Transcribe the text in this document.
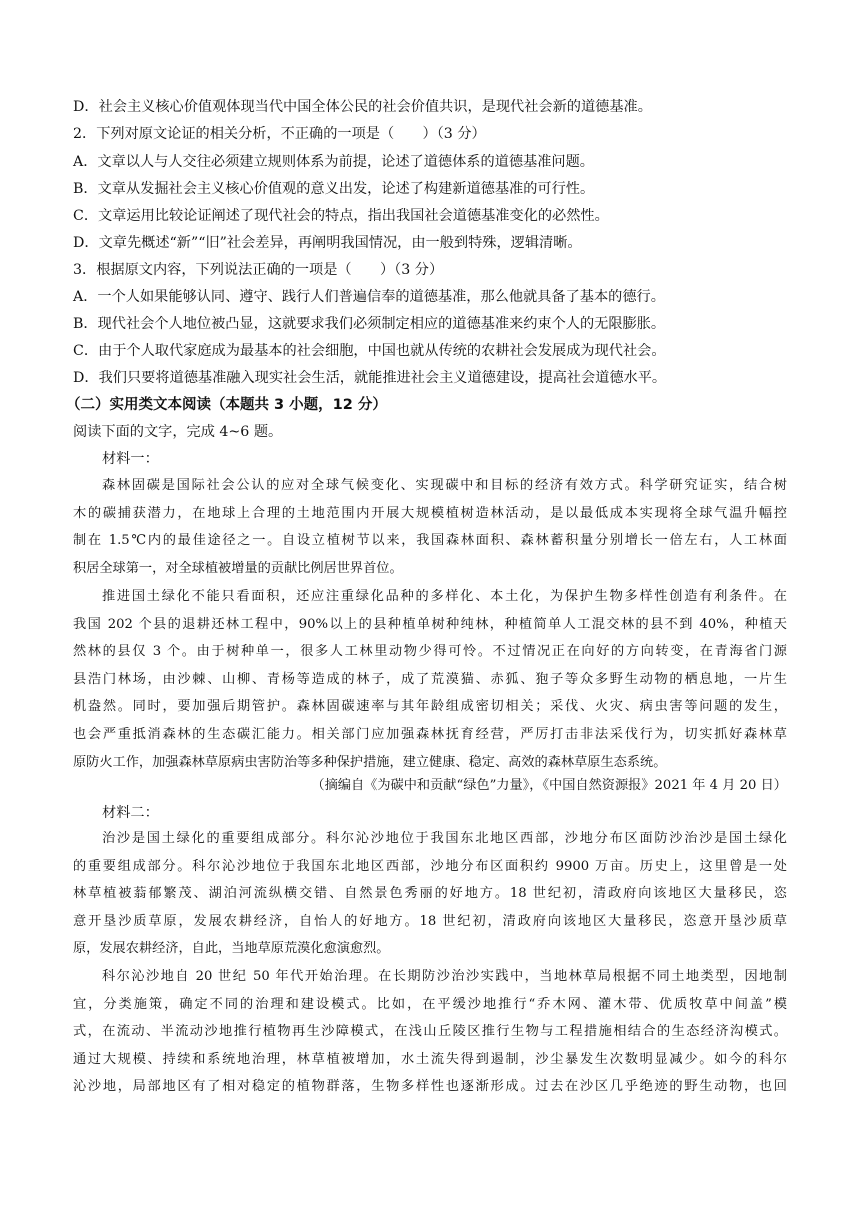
D．社会主义核心价值观体现当代中国全体公民的社会价值共识，是现代社会新的道德基准。
2．下列对原文论证的相关分析，不正确的一项是（　　）（3 分）
A．文章以人与人交往必须建立规则体系为前提，论述了道德体系的道德基准问题。
B．文章从发掘社会主义核心价值观的意义出发，论述了构建新道德基准的可行性。
C．文章运用比较论证阐述了现代社会的特点，指出我国社会道德基准变化的必然性。
D．文章先概述“新”“旧”社会差异，再阐明我国情况，由一般到特殊，逻辑清晰。
3．根据原文内容，下列说法正确的一项是（　　）（3 分）
A．一个人如果能够认同、遵守、践行人们普遍信奉的道德基准，那么他就具备了基本的德行。
B．现代社会个人地位被凸显，这就要求我们必须制定相应的道德基准来约束个人的无限膨胀。
C．由于个人取代家庭成为最基本的社会细胞，中国也就从传统的农耕社会发展成为现代社会。
D．我们只要将道德基准融入现实社会生活，就能推进社会主义道德建设，提高社会道德水平。
（二）实用类文本阅读（本题共 3 小题，12 分）
阅读下面的文字，完成 4~6 题。
材料一：
森林固碳是国际社会公认的应对全球气候变化、实现碳中和目标的经济有效方式。科学研究证实，结合树
木的碳捕获潜力，在地球上合理的土地范围内开展大规模植树造林活动，是以最低成本实现将全球气温升幅控
制在 1.5℃内的最佳途径之一。自设立植树节以来，我国森林面积、森林蓄积量分别增长一倍左右，人工林面
积居全球第一，对全球植被增量的贡献比例居世界首位。
推进国土绿化不能只看面积，还应注重绿化品种的多样化、本土化，为保护生物多样性创造有利条件。在
我国 202 个县的退耕还林工程中，90%以上的县种植单树种纯林，种植简单人工混交林的县不到 40%，种植天
然林的县仅 3 个。由于树种单一，很多人工林里动物少得可怜。不过情况正在向好的方向转变，在青海省门源
县浩门林场，由沙棘、山柳、青杨等造成的林子，成了荒漠猫、赤狐、狍子等众多野生动物的栖息地，一片生
机盎然。同时，要加强后期管护。森林固碳速率与其年龄组成密切相关；采伐、火灾、病虫害等问题的发生，
也会严重抵消森林的生态碳汇能力。相关部门应加强森林抚育经营，严厉打击非法采伐行为，切实抓好森林草
原防火工作，加强森林草原病虫害防治等多种保护措施，建立健康、稳定、高效的森林草原生态系统。
（摘编自《为碳中和贡献“绿色”力量》，《中国自然资源报》2021 年 4 月 20 日）
材料二：
治沙是国土绿化的重要组成部分。科尔沁沙地位于我国东北地区西部，沙地分布区面防沙治沙是国土绿化
的重要组成部分。科尔沁沙地位于我国东北地区西部，沙地分布区面积约 9900 万亩。历史上，这里曾是一处
林草植被蓊郁繁茂、湖泊河流纵横交错、自然景色秀丽的好地方。18 世纪初，清政府向该地区大量移民，恣
意开垦沙质草原，发展农耕经济，自怡人的好地方。18 世纪初，清政府向该地区大量移民，恣意开垦沙质草
原，发展农耕经济，自此，当地草原荒漠化愈演愈烈。
科尔沁沙地自 20 世纪 50 年代开始治理。在长期防沙治沙实践中，当地林草局根据不同土地类型，因地制
宜，分类施策，确定不同的治理和建设模式。比如，在平缓沙地推行“乔木网、灌木带、优质牧草中间盖”模
式，在流动、半流动沙地推行植物再生沙障模式，在浅山丘陵区推行生物与工程措施相结合的生态经济沟模式。
通过大规模、持续和系统地治理，林草植被增加，水土流失得到遏制，沙尘暴发生次数明显减少。如今的科尔
沁沙地，局部地区有了相对稳定的植物群落，生物多样性也逐渐形成。过去在沙区几乎绝迹的野生动物，也回
